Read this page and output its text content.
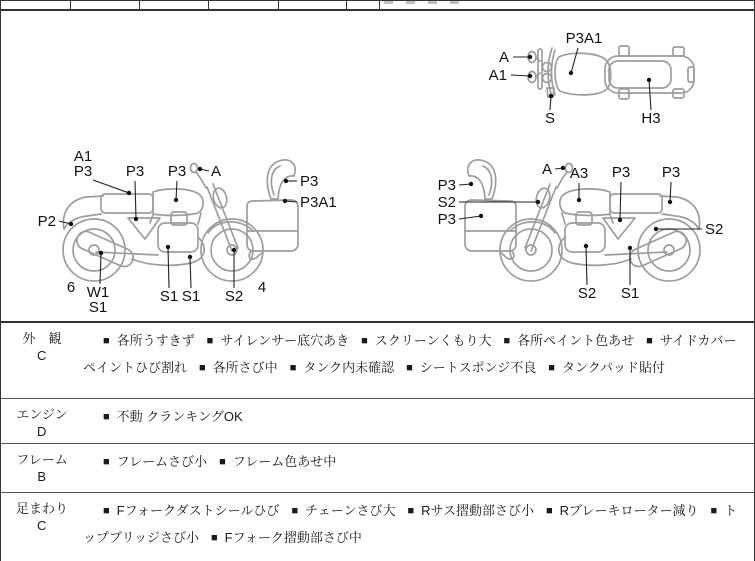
A
A1
P3A1
S	H3
A1
P3 P3 P3 A
P2
P3
P3A1
6 W1
S1
S1 S1 S2
4
P3
S2
P3
A A3 P3 P3
S2
S2 S1
外　観
C

■ 各所うすきず ■ サイレンサー底穴あき ■ スクリーンくもり大 ■ 各所ペイント色あせ ■ サイドカバーペイントひび割れ ■ 各所さび中 ■ タンク内未確認 ■ シートスポンジ不良 ■ タンクパッド貼付

エンジン
D

■ 不動 クランキングOK

フレーム
B

■ フレームさび小 ■ フレーム色あせ中

足まわり
C

■ Fフォークダストシールひび ■ チェーンさび大 ■ Rサス摺動部さび小 ■ Rブレーキローター減り ■ トップブリッジさび小 ■ Fフォーク摺動部さび中
